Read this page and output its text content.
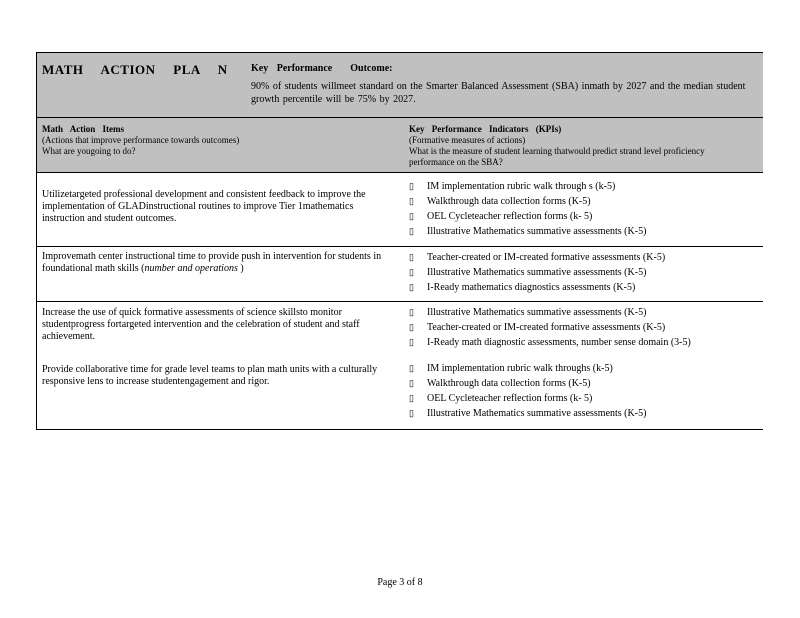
MATH ACTION PLA N Key Performance Outcome:
90% of students willmeet standard on the Smarter Balanced Assessment (SBA) inmath by 2027 and the median student growth percentile will be 75% by 2027.
Math Action Items
(Actions that improve performance towards outcomes)
What are yougoing to do?
Key Performance Indicators (KPIs)
(Formative measures of actions)
What is the measure of student learning thatwould predict strand level proficiency performance on the SBA?
Utilizetargeted professional development and consistent feedback to improve the implementation of GLADinstructional routines to improve Tier 1mathematics instruction and student outcomes.
▯ IM implementation rubric walk through s (k-5)
▯ Walkthrough data collection forms (K-5)
▯ OEL Cycleteacher reflection forms (k- 5)
▯ Illustrative Mathematics summative assessments (K-5)
Improvemath center instructional time to provide push in intervention for students in foundational math skills (number and operations )
▯ Teacher-created or IM-created formative assessments (K-5)
▯ Illustrative Mathematics summative assessments (K-5)
▯ I-Ready mathematics diagnostics assessments (K-5)
Increase the use of quick formative assessments of science skillsto monitor studentprogress fortargeted intervention and the celebration of student and staff achievement.
▯ Illustrative Mathematics summative assessments (K-5)
▯ Teacher-created or IM-created formative assessments (K-5)
▯ I-Ready math diagnostic assessments, number sense domain (3-5)
Provide collaborative time for grade level teams to plan math units with a culturally responsive lens to increase studentengagement and rigor.
▯ IM implementation rubric walk throughs (k-5)
▯ Walkthrough data collection forms (K-5)
▯ OEL Cycleteacher reflection forms (k- 5)
▯ Illustrative Mathematics summative assessments (K-5)
Page 3 of 8
